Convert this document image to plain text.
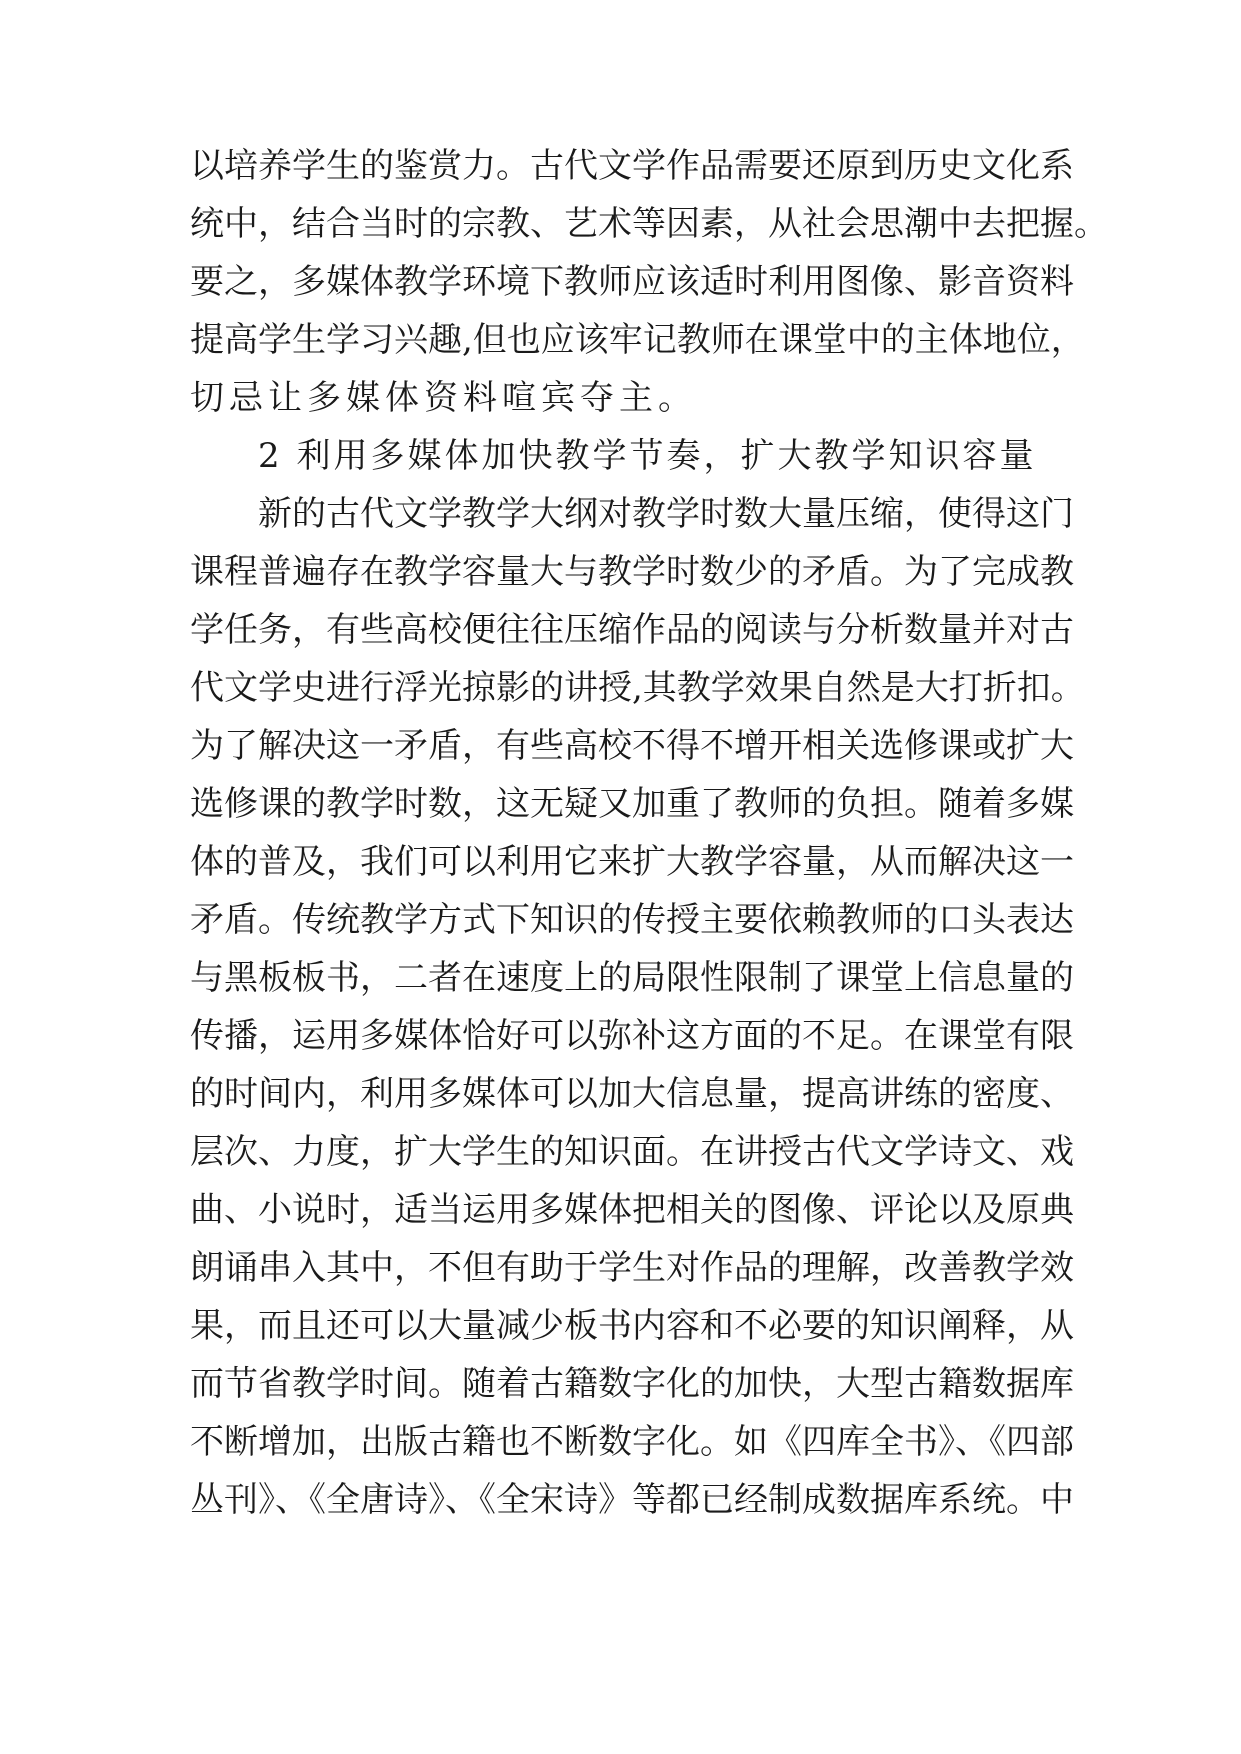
以培养学生的鉴赏力。古代文学作品需要还原到历史文化系
统中，结合当时的宗教、艺术等因素，从社会思潮中去把握。
要之，多媒体教学环境下教师应该适时利用图像、影音资料
提高学生学习兴趣,但也应该牢记教师在课堂中的主体地位，
切忌让多媒体资料喧宾夺主。
2 利用多媒体加快教学节奏，扩大教学知识容量
新的古代文学教学大纲对教学时数大量压缩，使得这门
课程普遍存在教学容量大与教学时数少的矛盾。为了完成教
学任务，有些高校便往往压缩作品的阅读与分析数量并对古
代文学史进行浮光掠影的讲授,其教学效果自然是大打折扣。
为了解决这一矛盾，有些高校不得不增开相关选修课或扩大
选修课的教学时数，这无疑又加重了教师的负担。随着多媒
体的普及，我们可以利用它来扩大教学容量，从而解决这一
矛盾。传统教学方式下知识的传授主要依赖教师的口头表达
与黑板板书，二者在速度上的局限性限制了课堂上信息量的
传播，运用多媒体恰好可以弥补这方面的不足。在课堂有限
的时间内，利用多媒体可以加大信息量，提高讲练的密度、
层次、力度，扩大学生的知识面。在讲授古代文学诗文、戏
曲、小说时，适当运用多媒体把相关的图像、评论以及原典
朗诵串入其中，不但有助于学生对作品的理解，改善教学效
果，而且还可以大量减少板书内容和不必要的知识阐释，从
而节省教学时间。随着古籍数字化的加快，大型古籍数据库
不断增加，出版古籍也不断数字化。如《四库全书》、《四部
丛刊》、《全唐诗》、《全宋诗》等都已经制成数据库系统。中
